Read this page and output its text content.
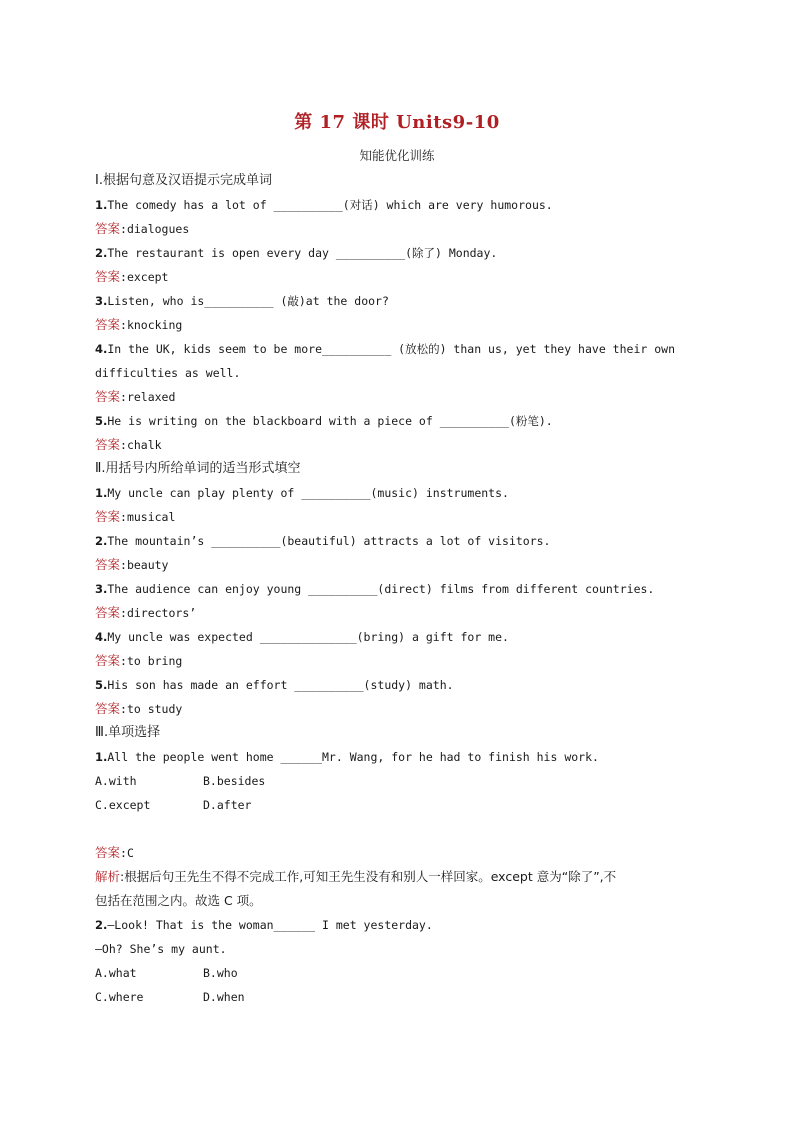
第 17 课时 Units9-10
知能优化训练
Ⅰ.根据句意及汉语提示完成单词
1.The comedy has a lot of __________(对话) which are very humorous.
答案:dialogues
2.The restaurant is open every day __________(除了) Monday.
答案:except
3.Listen, who is__________ (敲)at the door?
答案:knocking
4.In the UK, kids seem to be more__________ (放松的) than us, yet they have their own
difficulties as well.
答案:relaxed
5.He is writing on the blackboard with a piece of __________(粉笔).
答案:chalk
Ⅱ.用括号内所给单词的适当形式填空
1.My uncle can play plenty of __________(music) instruments.
答案:musical
2.The mountain’s __________(beautiful) attracts a lot of visitors.
答案:beauty
3.The audience can enjoy young __________(direct) films from different countries.
答案:directors’
4.My uncle was expected ______________(bring) a gift for me.
答案:to bring
5.His son has made an effort __________(study) math.
答案:to study
Ⅲ.单项选择
1.All the people went home ______Mr. Wang, for he had to finish his work.
A.with	B.besides
C.except	D.after
答案:C
解析:根据后句王先生不得不完成工作,可知王先生没有和别人一样回家。except 意为“除了”,不
包括在范围之内。故选 C 项。
2.—Look! That is the woman______ I met yesterday.
—Oh? She’s my aunt.
A.what	B.who
C.where	D.when
